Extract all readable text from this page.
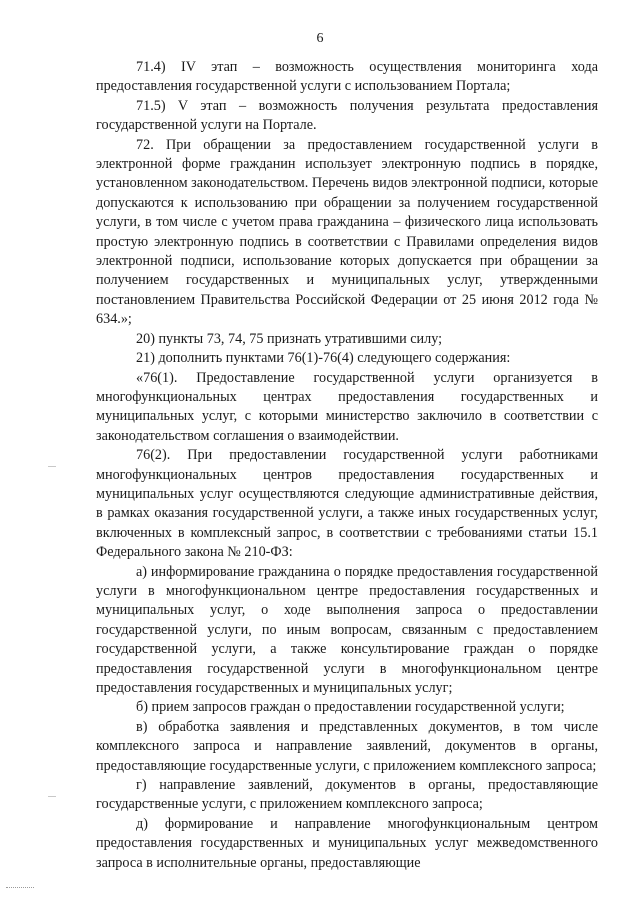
6

71.4) IV этап – возможность осуществления мониторинга хода предоставления государственной услуги с использованием Портала;

71.5) V этап – возможность получения результата предоставления государственной услуги на Портале.

72. При обращении за предоставлением государственной услуги в электронной форме гражданин использует электронную подпись в порядке, установленном законодательством. Перечень видов электронной подписи, которые допускаются к использованию при обращении за получением государственной услуги, в том числе с учетом права гражданина – физического лица использовать простую электронную подпись в соответствии с Правилами определения видов электронной подписи, использование которых допускается при обращении за получением государственных и муниципальных услуг, утвержденными постановлением Правительства Российской Федерации от 25 июня 2012 года № 634.»;

20) пункты 73, 74, 75 признать утратившими силу;

21) дополнить пунктами 76(1)-76(4) следующего содержания:

«76(1). Предоставление государственной услуги организуется в многофункциональных центрах предоставления государственных и муниципальных услуг, с которыми министерство заключило в соответствии с законодательством соглашения о взаимодействии.

76(2). При предоставлении государственной услуги работниками многофункциональных центров предоставления государственных и муниципальных услуг осуществляются следующие административные действия, в рамках оказания государственной услуги, а также иных государственных услуг, включенных в комплексный запрос, в соответствии с требованиями статьи 15.1 Федерального закона № 210-ФЗ:

а) информирование гражданина о порядке предоставления государственной услуги в многофункциональном центре предоставления государственных и муниципальных услуг, о ходе выполнения запроса о предоставлении государственной услуги, по иным вопросам, связанным с предоставлением государственной услуги, а также консультирование граждан о порядке предоставления государственной услуги в многофункциональном центре предоставления государственных и муниципальных услуг;

б) прием запросов граждан о предоставлении государственной услуги;

в) обработка заявления и представленных документов, в том числе комплексного запроса и направление заявлений, документов в органы, предоставляющие государственные услуги, с приложением комплексного запроса;

г) направление заявлений, документов в органы, предоставляющие государственные услуги, с приложением комплексного запроса;

д) формирование и направление многофункциональным центром предоставления государственных и муниципальных услуг межведомственного запроса в исполнительные органы, предоставляющие
